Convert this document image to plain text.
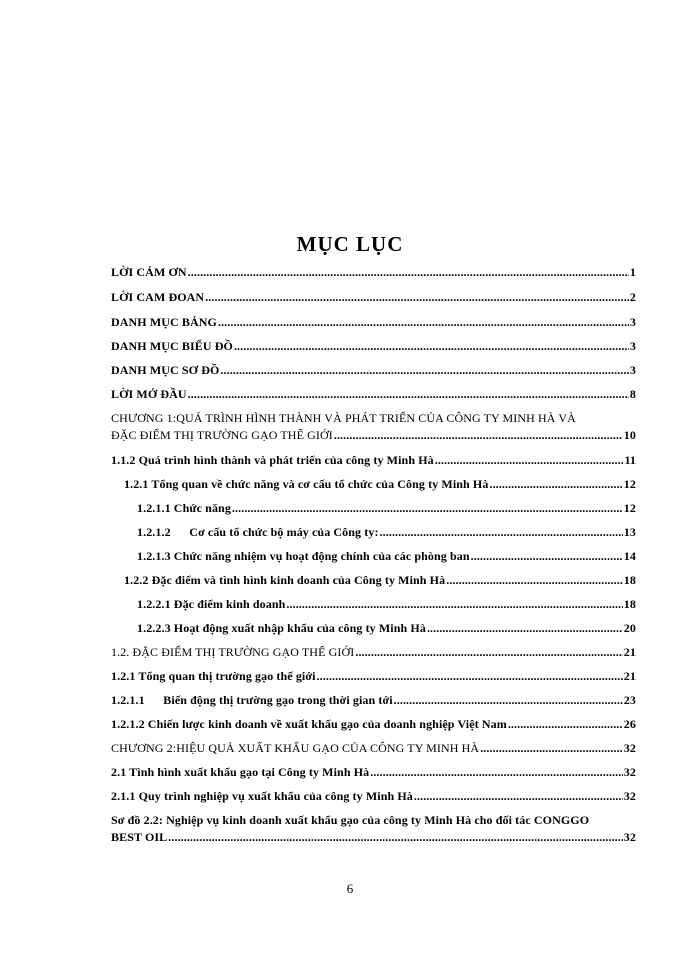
MỤC LỤC
LỜI CẢM ƠN .....	1
LỜI CAM ĐOAN .....	2
DANH MỤC BẢNG .....	3
DANH MỤC BIỂU ĐỒ .....	3
DANH MỤC SƠ ĐỒ .....	3
LỜI MỞ ĐẦU .....	8
CHƯƠNG 1:QUÁ TRÌNH HÌNH THÀNH VÀ PHÁT TRIỂN CỦA CÔNG TY MINH HÀ VÀ
ĐẶC ĐIỂM THỊ TRƯỜNG GẠO THẾ GIỚI .....	10
1.1.2 Quá trình hình thành và phát triển của công ty Minh Hà .....	11
1.2.1 Tổng quan về chức năng và cơ cấu tổ chức của Công ty Minh Hà .....	12
1.2.1.1 Chức năng .....	12
1.2.1.2      Cơ cấu tổ chức bộ máy của Công ty: .....	13
1.2.1.3 Chức năng nhiệm vụ hoạt động chính của các phòng ban .....	14
1.2.2 Đặc điểm và tình hình kinh doanh của Công ty Minh Hà .....	18
1.2.2.1 Đặc điểm kinh doanh .....	18
1.2.2.3 Hoạt động xuất nhập khẩu của công ty Minh Hà .....	20
1.2. ĐẶC ĐIỂM THỊ TRƯỜNG GẠO THẾ GIỚI .....	21
1.2.1 Tổng quan thị trường gạo thế giới .....	21
1.2.1.1      Biến động thị trường gạo trong thời gian tới .....	23
1.2.1.2 Chiến lược kinh doanh về xuất khẩu gạo của doanh nghiệp Việt Nam .....	26
CHƯƠNG 2:HIỆU QUẢ XUẤT KHẨU GẠO CỦA CÔNG TY MINH HÀ .....	32
2.1 Tình hình xuất khẩu gạo tại Công ty Minh Hà .....	32
2.1.1 Quy trình nghiệp vụ xuất khẩu của công ty Minh Hà .....	32
Sơ đồ 2.2: Nghiệp vụ kinh doanh xuất khẩu gạo của công ty Minh Hà cho đối tác CONGGO
BEST OIL .....	32
6
